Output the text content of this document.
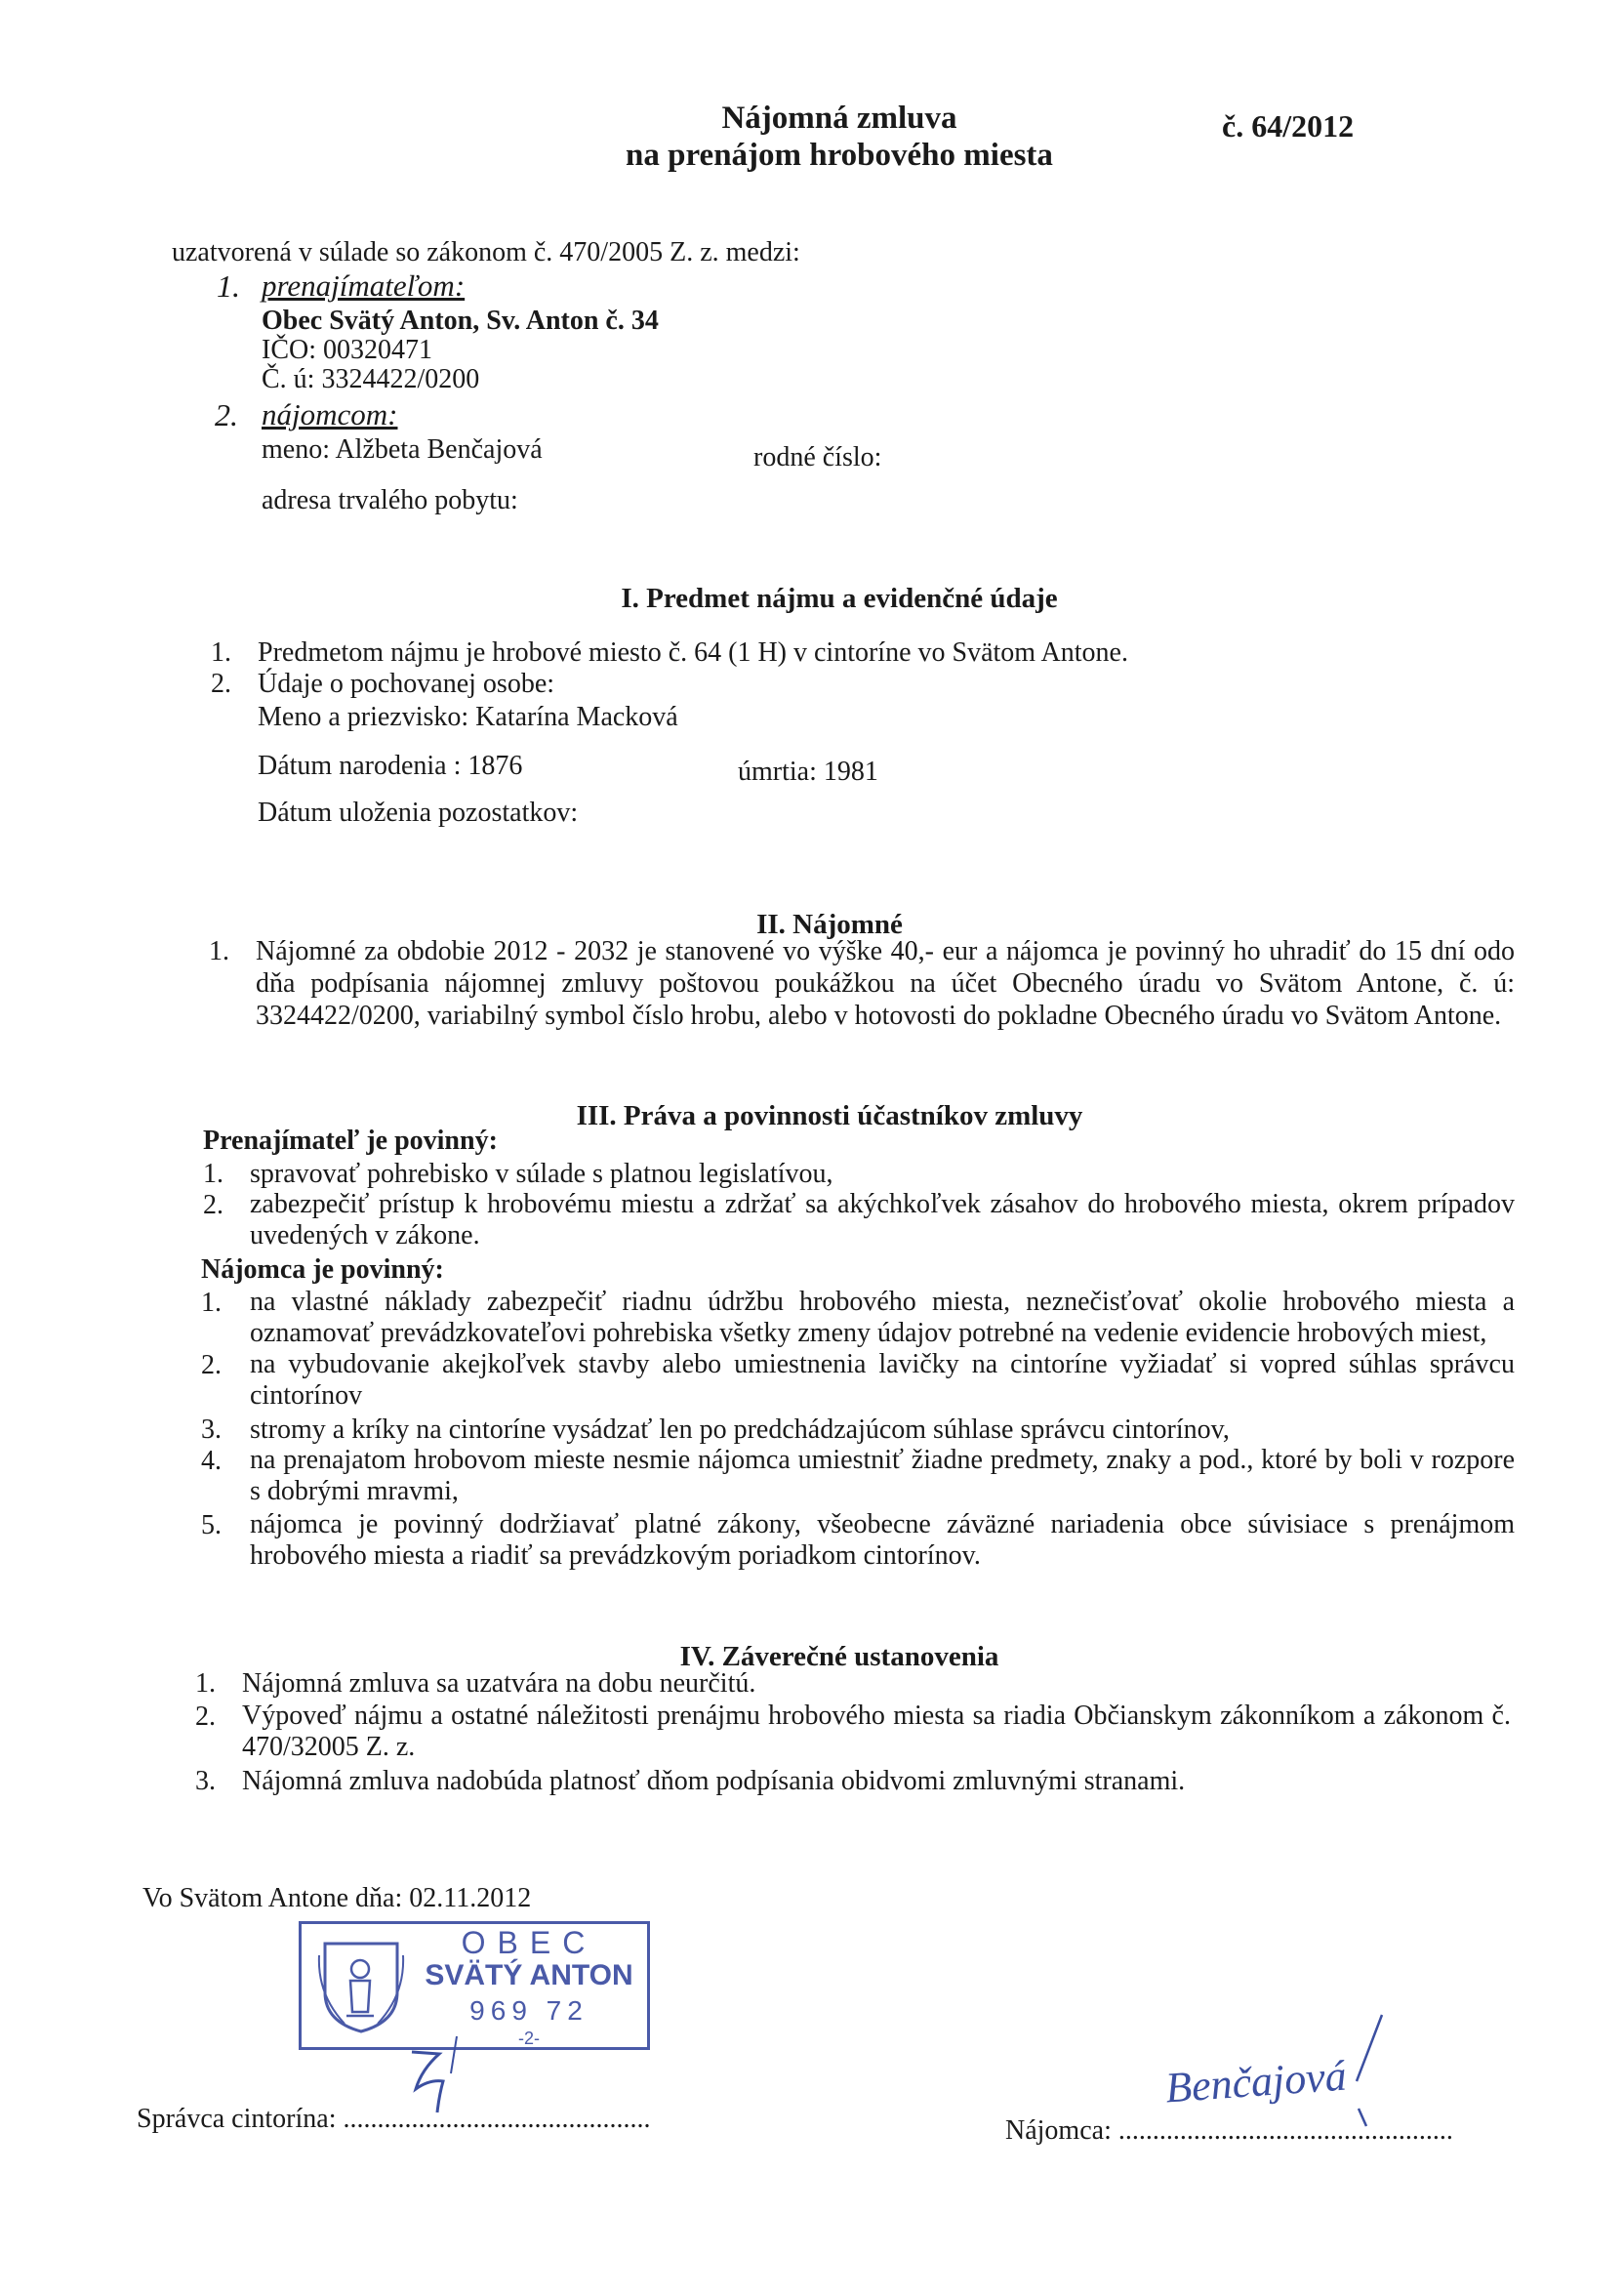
Nájomná zmluva
na prenájom hrobového miesta
č. 64/2012
uzatvorená v súlade so zákonom č. 470/2005 Z. z. medzi:
1. prenajímateľom:
Obec Svätý Anton, Sv. Anton č. 34
IČO: 00320471
Č. ú: 3324422/0200
2. nájomcom:
meno: Alžbeta Benčajová	rodné číslo:
adresa trvalého pobytu:
I. Predmet nájmu a evidenčné údaje
1. Predmetom nájmu je hrobové miesto č. 64 (1 H) v cintoríne vo Svätom Antone.
2. Údaje o pochovanej osobe:
Meno a priezvisko: Katarína Macková
Dátum narodenia : 1876	úmrtia: 1981
Dátum uloženia pozostatkov:
II. Nájomné
1. Nájomné za obdobie 2012 - 2032 je stanovené vo výške 40,- eur a nájomca je povinný ho uhradiť do 15 dní odo dňa podpísania nájomnej zmluvy poštovou poukážkou na účet Obecného úradu vo Svätom Antone, č. ú: 3324422/0200, variabilný symbol číslo hrobu, alebo v hotovosti do pokladne Obecného úradu vo Svätom Antone.
III. Práva a povinnosti účastníkov zmluvy
Prenajímateľ je povinný:
1. spravovať pohrebisko v súlade s platnou legislatívou,
2. zabezpečiť prístup k hrobovému miestu a zdržať sa akýchkoľvek zásahov do hrobového miesta, okrem prípadov uvedených v zákone.
Nájomca je povinný:
1. na vlastné náklady zabezpečiť riadnu údržbu hrobového miesta, neznečisťovať okolie hrobového miesta a oznamovať prevádzkovateľovi pohrebiska všetky zmeny údajov potrebné na vedenie evidencie hrobových miest,
2. na vybudovanie akejkoľvek stavby alebo umiestnenia lavičky na cintoríne vyžiadať si vopred súhlas správcu cintorínov
3. stromy a kríky na cintoríne vysádzať len po predchádzajúcom súhlase správcu cintorínov,
4. na prenajatom hrobovom mieste nesmie nájomca umiestniť žiadne predmety, znaky a pod., ktoré by boli v rozpore s dobrými mravmi,
5. nájomca je povinný dodržiavať platné zákony, všeobecne záväzné nariadenia obce súvisiace s prenájmom hrobového miesta a riadiť sa prevádzkovým poriadkom cintorínov.
IV. Záverečné ustanovenia
1. Nájomná zmluva sa uzatvára na dobu neurčitú.
2. Výpoveď nájmu a ostatné náležitosti prenájmu hrobového miesta sa riadia Občianskym zákonníkom a zákonom č. 470/32005 Z. z.
3. Nájomná zmluva nadobúda platnosť dňom podpísania obidvomi zmluvnými stranami.
Vo Svätom Antone dňa: 02.11.2012
OBEC
SVÄTÝ ANTON
969 72
-2-
Správca cintorína: .............................................	Nájomca: .................................................
Benčajová
